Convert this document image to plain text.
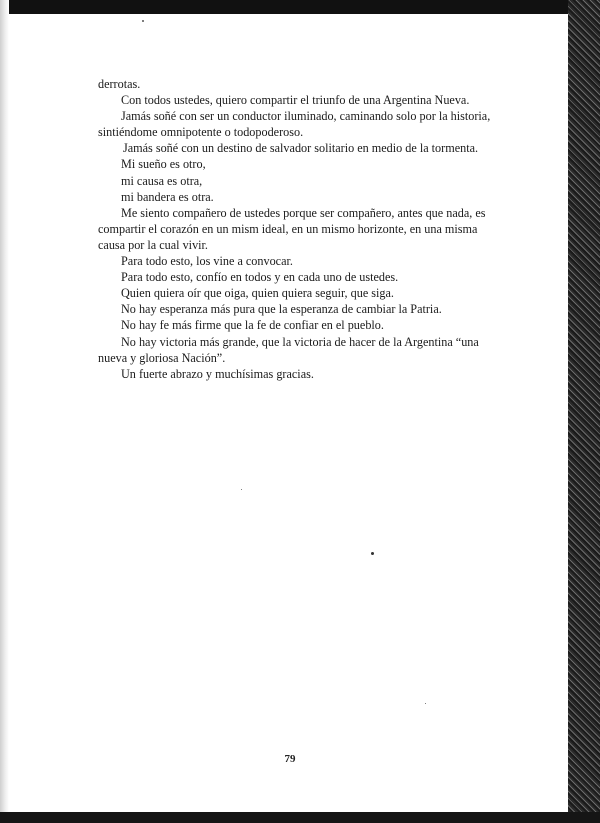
derrotas.

Con todos ustedes, quiero compartir el triunfo de una Argentina Nueva.

Jamás soñé con ser un conductor iluminado, caminando solo por la historia, sintiéndome omnipotente o todopoderoso.

Jamás soñé con un destino de salvador solitario en medio de la tormenta.

Mi sueño es otro,

mi causa es otra,

mi bandera es otra.

Me siento compañero de ustedes porque ser compañero, antes que nada, es compartir el corazón en un mism ideal, en un mismo horizonte, en una misma causa por la cual vivir.

Para todo esto, los vine a convocar.

Para todo esto, confío en todos y en cada uno de ustedes.

Quien quiera oír que oiga, quien quiera seguir, que siga.

No hay esperanza más pura que la esperanza de cambiar la Patria.

No hay fe más firme que la fe de confiar en el pueblo.

No hay victoria más grande, que la victoria de hacer de la Argentina “una nueva y gloriosa Nación”.

Un fuerte abrazo y muchísimas gracias.

79
